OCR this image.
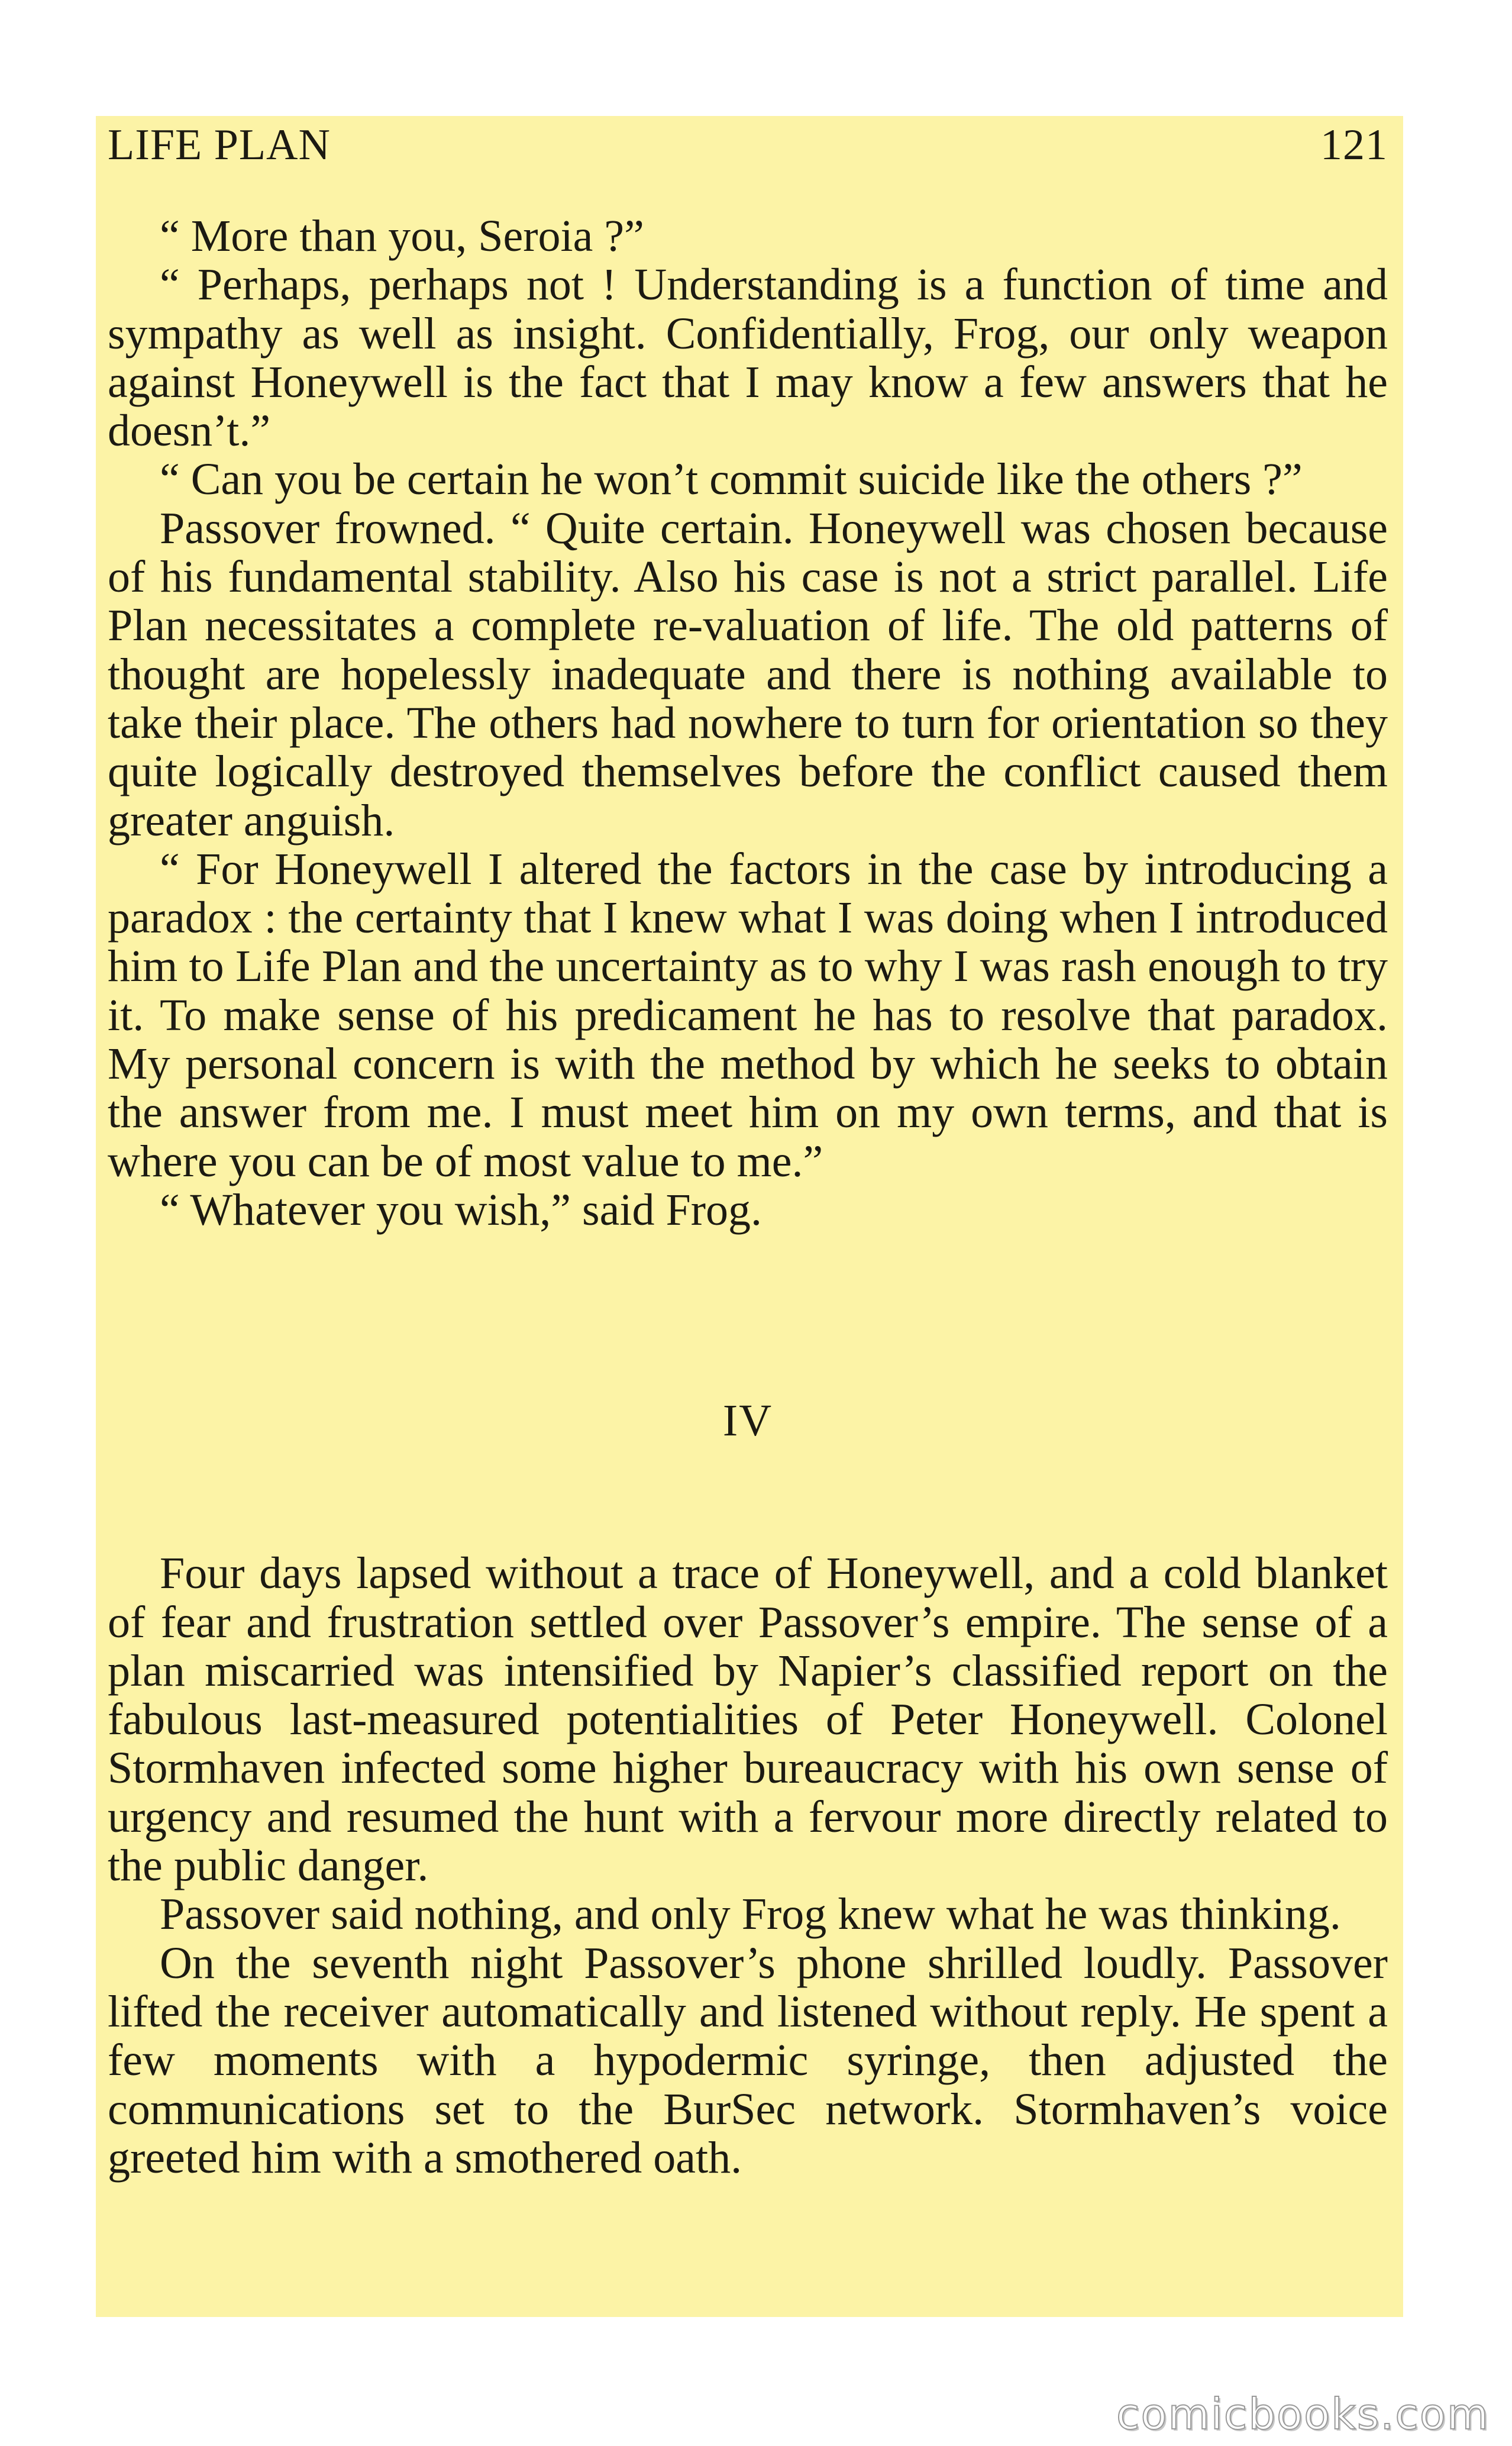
LIFE PLAN	121

“ More than you, Seroia ?”

“ Perhaps, perhaps not ! Understanding is a function of time and sympathy as well as insight. Confidentially, Frog, our only weapon against Honeywell is the fact that I may know a few answers that he doesn’t.”

“ Can you be certain he won’t commit suicide like the others ?”

Passover frowned. “ Quite certain. Honeywell was chosen because of his fundamental stability. Also his case is not a strict parallel. Life Plan necessitates a complete re-valuation of life. The old patterns of thought are hopelessly inadequate and there is nothing available to take their place. The others had nowhere to turn for orientation so they quite logically destroyed themselves before the conflict caused them greater anguish.

“ For Honeywell I altered the factors in the case by introducing a paradox : the certainty that I knew what I was doing when I introduced him to Life Plan and the uncertainty as to why I was rash enough to try it. To make sense of his predicament he has to resolve that paradox. My personal concern is with the method by which he seeks to obtain the answer from me. I must meet him on my own terms, and that is where you can be of most value to me.”

“ Whatever you wish,” said Frog.

IV

Four days lapsed without a trace of Honeywell, and a cold blanket of fear and frustration settled over Passover’s empire. The sense of a plan miscarried was intensified by Napier’s classified report on the fabulous last-measured potentialities of Peter Honeywell. Colonel Stormhaven infected some higher bureaucracy with his own sense of urgency and resumed the hunt with a fervour more directly related to the public danger.

Passover said nothing, and only Frog knew what he was thinking.

On the seventh night Passover’s phone shrilled loudly. Passover lifted the receiver automatically and listened without reply. He spent a few moments with a hypodermic syringe, then adjusted the communications set to the BurSec network. Stormhaven’s voice greeted him with a smothered oath.

comicbooks.com
